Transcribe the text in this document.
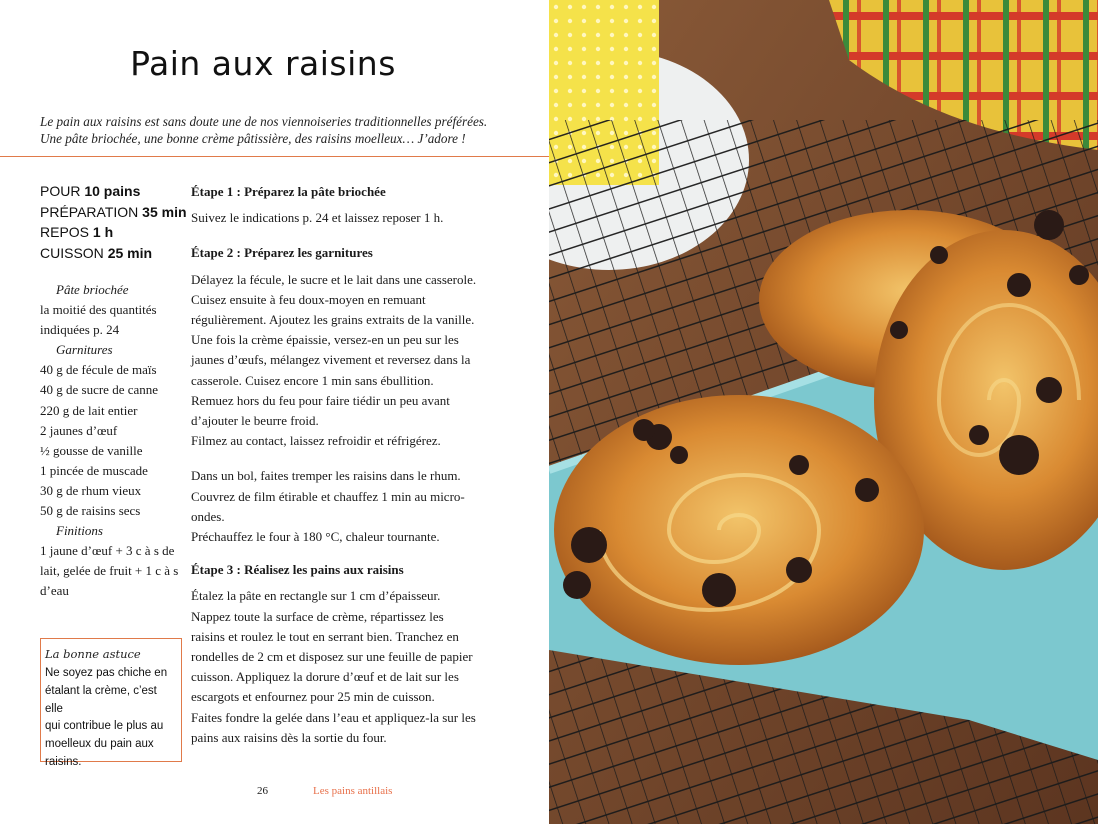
Pain aux raisins
Le pain aux raisins est sans doute une de nos viennoiseries traditionnelles préférées.
Une pâte briochée, une bonne crème pâtissière, des raisins moelleux… J’adore !
POUR 10 pains
PRÉPARATION 35 min
REPOS 1 h
CUISSON 25 min
Pâte briochée
la moitié des quantités
indiquées p. 24
Garnitures
40 g de fécule de maïs
40 g de sucre de canne
220 g de lait entier
2 jaunes d’œuf
½ gousse de vanille
1 pincée de muscade
30 g de rhum vieux
50 g de raisins secs
Finitions
1 jaune d’œuf + 3 c à s de
lait, gelée de fruit + 1 c à s
d’eau
La bonne astuce
Ne soyez pas chiche en
étalant la crème, c’est elle
qui contribue le plus au
moelleux du pain aux
raisins.

Étape 1 : Préparez la pâte briochée

Suivez le indications p. 24 et laissez reposer 1 h.

Étape 2 : Préparez les garnitures

Délayez la fécule, le sucre et le lait dans une casserole.

Cuisez ensuite à feu doux-moyen en remuant

régulièrement. Ajoutez les grains extraits de la vanille.

Une fois la crème épaissie, versez-en un peu sur les

jaunes d’œufs, mélangez vivement et reversez dans la

casserole. Cuisez encore 1 min sans ébullition.

Remuez hors du feu pour faire tiédir un peu avant

d’ajouter le beurre froid.

Filmez au contact, laissez refroidir et réfrigérez.

Dans un bol, faites tremper les raisins dans le rhum.

Couvrez de film étirable et chauffez 1 min au micro-

ondes.

Préchauffez le four à 180 °C, chaleur tournante.

Étape 3 : Réalisez les pains aux raisins

Étalez la pâte en rectangle sur 1 cm d’épaisseur.

Nappez toute la surface de crème, répartissez les

raisins et roulez le tout en serrant bien. Tranchez en

rondelles de 2 cm et disposez sur une feuille de papier

cuisson. Appliquez la dorure d’œuf et de lait sur les

escargots et enfournez pour 25 min de cuisson.

Faites fondre la gelée dans l’eau et appliquez-la sur les

pains aux raisins dès la sortie du four.

26	Les pains antillais
